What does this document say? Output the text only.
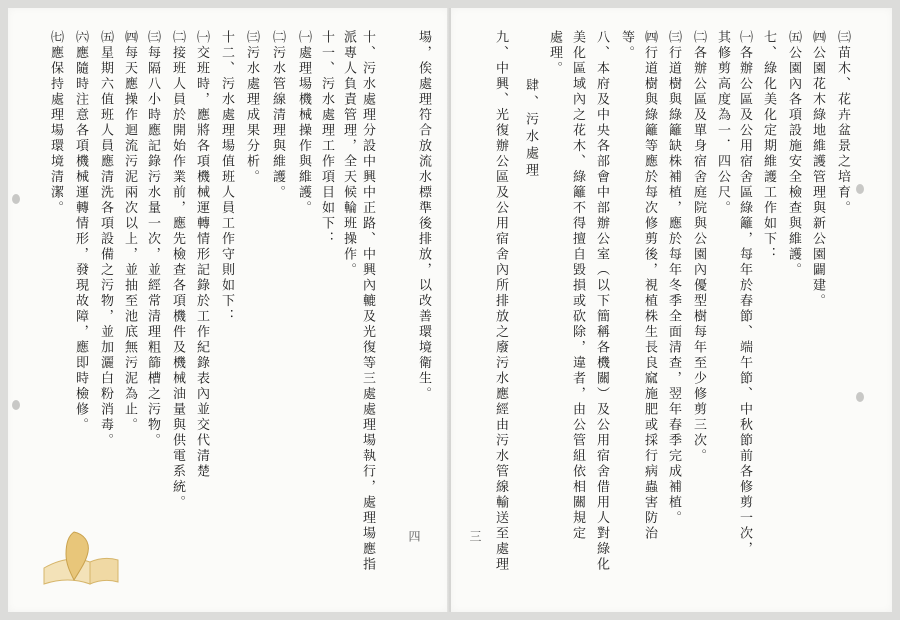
場，俟處理符合放流水標準後排放，以改善環境衛生。

十、污水處理分設中興中正路、中興內轆及光復等三處處理場執行，處理場應指

派專人負責管理，全天候輪班操作。

十一、污水處理工作項目如下：

㈠處理場機械操作與維護。

㈡污水管線清理與維護。

㈢污水處理成果分析。

十二、污水處理場值班人員工作守則如下：

㈠交班時，應將各項機械運轉情形記錄於工作紀錄表內並交代清楚

㈡接班人員於開始作業前，應先檢查各項機件及機械油量與供電系統。

㈢每隔八小時應記錄污水量一次，並經常清理粗篩槽之污物。

㈣每天應操作迴流污泥兩次以上，並抽至池底無污泥為止。

㈤星期六值班人員應清洗各項設備之污物，並加灑白粉消毒。

㈥應隨時注意各項機械運轉情形，發現故障，應即時檢修。

㈦應保持處理場環境清潔。

四

㈢苗木、花卉盆景之培育。

㈣公園花木綠地維護管理與新公園闢建。

㈤公園內各項設施安全檢查與維護。

七、綠化美化定期維護工作如下：

㈠各辦公區及公用宿舍區綠籬，每年於春節、端午節、中秋節前各修剪一次，

其修剪高度為一．四公尺。

㈡各辦公區及單身宿舍庭院與公園內優型樹每年至少修剪三次。

㈢行道樹與綠籬缺株補植，應於每年冬季全面清查，翌年春季完成補植。

㈣行道樹與綠籬等應於每次修剪後，視植株生長良窳施肥或採行病蟲害防治

等。

八、本府及中央各部會中部辦公室（以下簡稱各機關）及公用宿舍借用人對綠化

美化區域內之花木、綠籬不得擅自毀損或砍除，違者，由公管組依相關規定

處理。

肆、污水處理

九、中興、光復辦公區及公用宿舍內所排放之廢污水應經由污水管線輸送至處理

三
